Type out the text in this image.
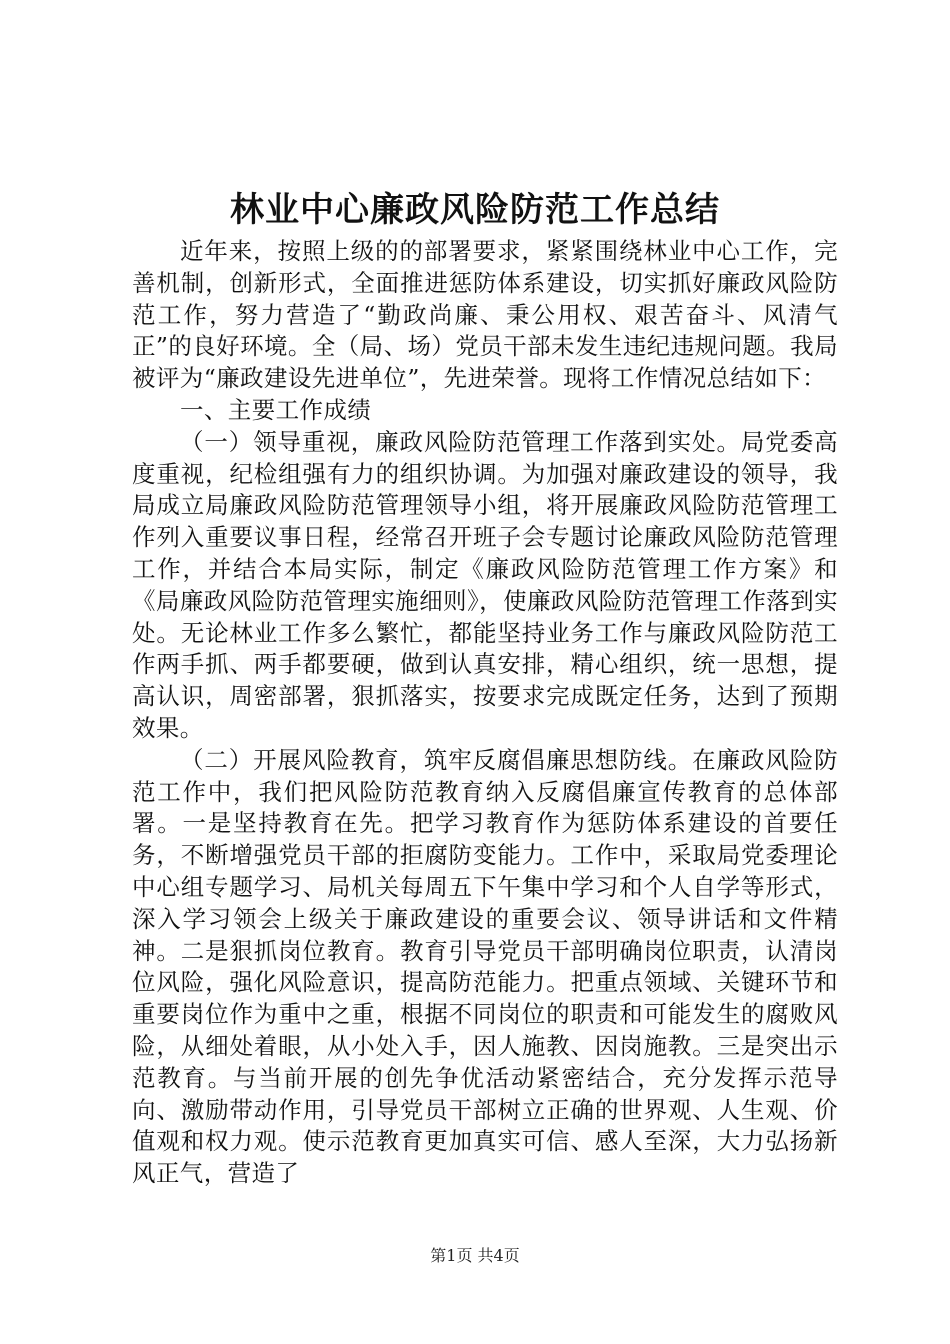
林业中心廉政风险防范工作总结

近年来，按照上级的的部署要求，紧紧围绕林业中心工作，完善机制，创新形式，全面推进惩防体系建设，切实抓好廉政风险防范工作，努力营造了“勤政尚廉、秉公用权、艰苦奋斗、风清气正”的良好环境。全（局、场）党员干部未发生违纪违规问题。我局被评为“廉政建设先进单位”，先进荣誉。现将工作情况总结如下：

一、主要工作成绩

（一）领导重视，廉政风险防范管理工作落到实处。局党委高度重视，纪检组强有力的组织协调。为加强对廉政建设的领导，我局成立局廉政风险防范管理领导小组，将开展廉政风险防范管理工作列入重要议事日程，经常召开班子会专题讨论廉政风险防范管理工作，并结合本局实际，制定《廉政风险防范管理工作方案》和《局廉政风险防范管理实施细则》，使廉政风险防范管理工作落到实处。无论林业工作多么繁忙，都能坚持业务工作与廉政风险防范工作两手抓、两手都要硬，做到认真安排，精心组织，统一思想，提高认识，周密部署，狠抓落实，按要求完成既定任务，达到了预期效果。

（二）开展风险教育，筑牢反腐倡廉思想防线。在廉政风险防范工作中，我们把风险防范教育纳入反腐倡廉宣传教育的总体部署。一是坚持教育在先。把学习教育作为惩防体系建设的首要任务，不断增强党员干部的拒腐防变能力。工作中，采取局党委理论中心组专题学习、局机关每周五下午集中学习和个人自学等形式，深入学习领会上级关于廉政建设的重要会议、领导讲话和文件精神。二是狠抓岗位教育。教育引导党员干部明确岗位职责，认清岗位风险，强化风险意识，提高防范能力。把重点领域、关键环节和重要岗位作为重中之重，根据不同岗位的职责和可能发生的腐败风险，从细处着眼，从小处入手，因人施教、因岗施教。三是突出示范教育。与当前开展的创先争优活动紧密结合，充分发挥示范导向、激励带动作用，引导党员干部树立正确的世界观、人生观、价值观和权力观。使示范教育更加真实可信、感人至深，大力弘扬新风正气，营造了

第1页 共4页
